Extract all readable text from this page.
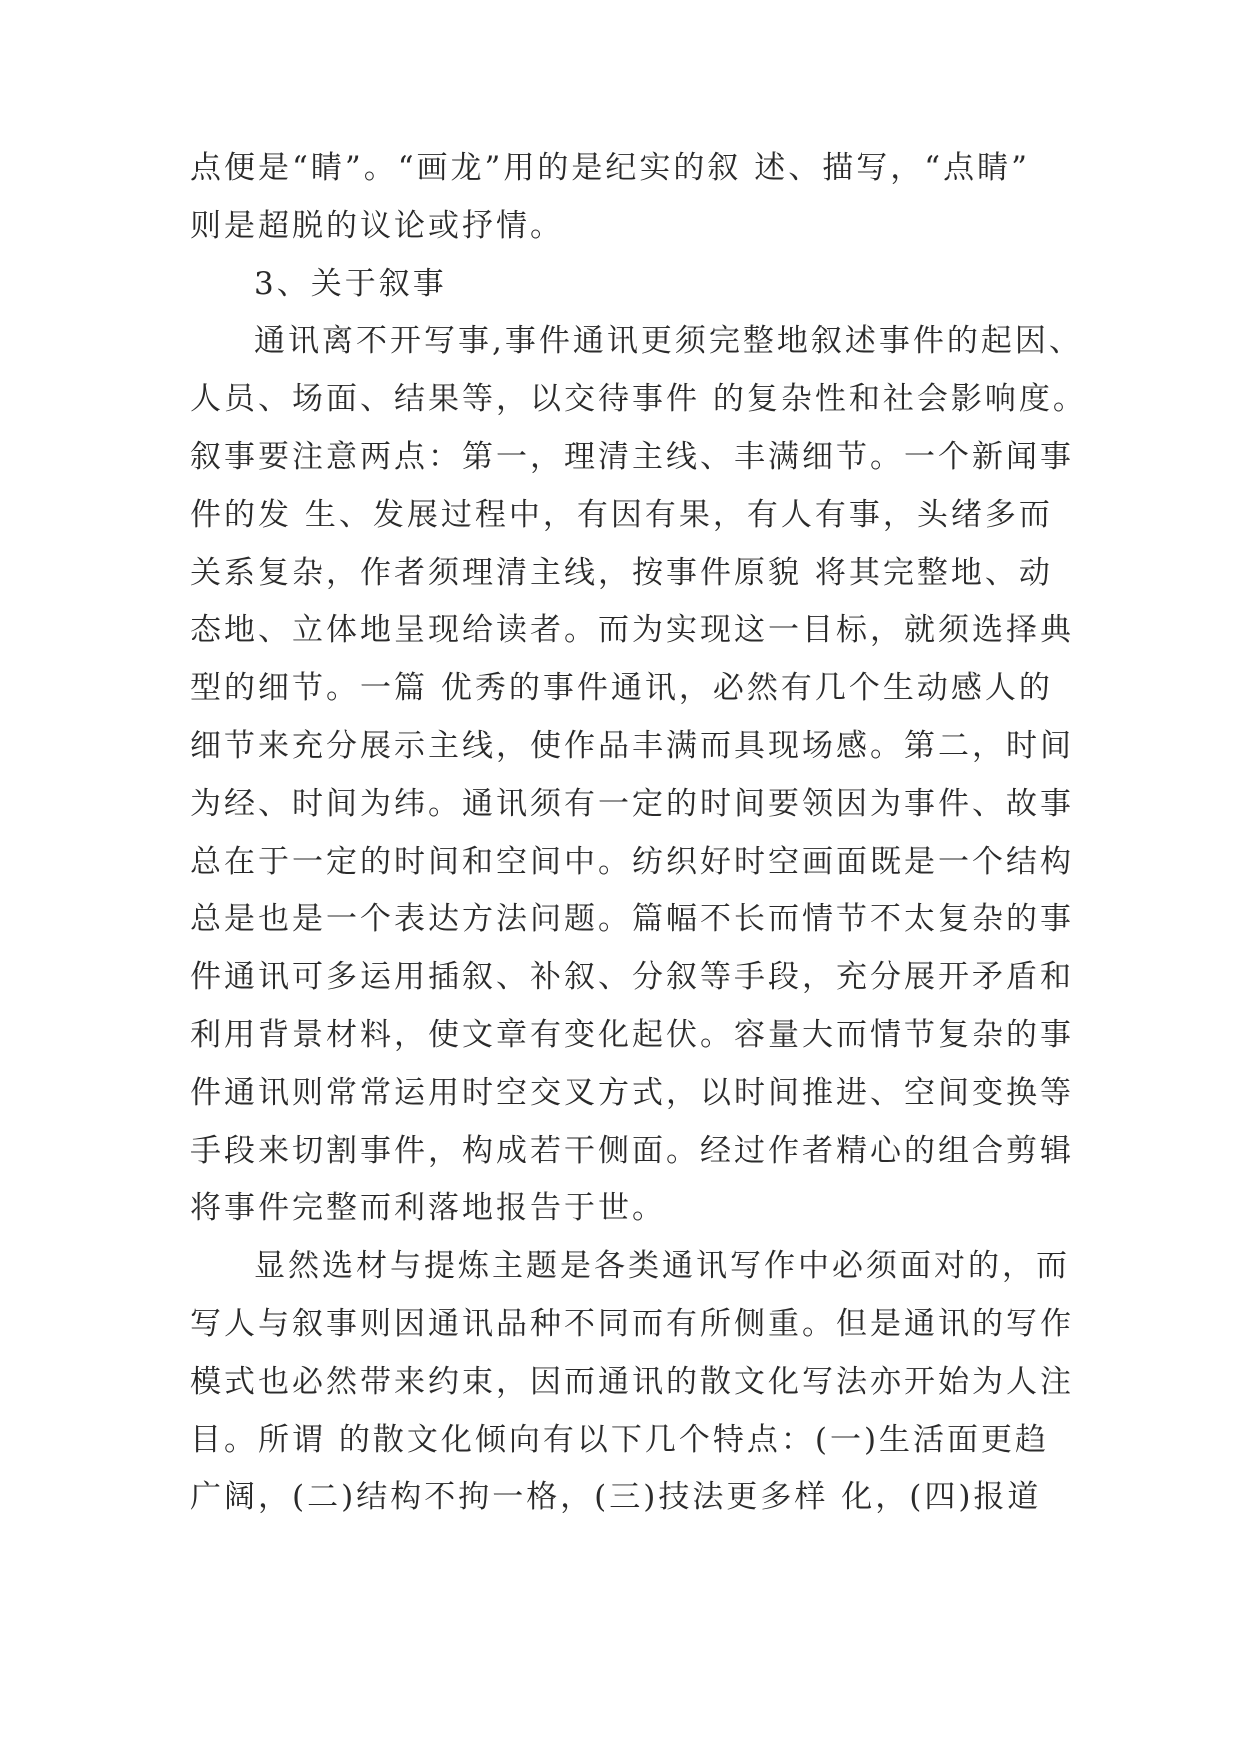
点便是“睛”。“画龙”用的是纪实的叙 述、描写，“点睛”
则是超脱的议论或抒情。
3、关于叙事
通讯离不开写事,事件通讯更须完整地叙述事件的起因、
人员、场面、结果等，以交待事件 的复杂性和社会影响度。
叙事要注意两点：第一，理清主线、丰满细节。一个新闻事
件的发 生、发展过程中，有因有果，有人有事，头绪多而
关系复杂，作者须理清主线，按事件原貌 将其完整地、动
态地、立体地呈现给读者。而为实现这一目标，就须选择典
型的细节。一篇 优秀的事件通讯，必然有几个生动感人的
细节来充分展示主线，使作品丰满而具现场感。第二，时间
为经、时间为纬。通讯须有一定的时间要领因为事件、故事
总在于一定的时间和空间中。纺织好时空画面既是一个结构
总是也是一个表达方法问题。篇幅不长而情节不太复杂的事
件通讯可多运用插叙、补叙、分叙等手段，充分展开矛盾和
利用背景材料，使文章有变化起伏。容量大而情节复杂的事
件通讯则常常运用时空交叉方式，以时间推进、空间变换等
手段来切割事件，构成若干侧面。经过作者精心的组合剪辑
将事件完整而利落地报告于世。
显然选材与提炼主题是各类通讯写作中必须面对的，而
写人与叙事则因通讯品种不同而有所侧重。但是通讯的写作
模式也必然带来约束，因而通讯的散文化写法亦开始为人注
目。所谓 的散文化倾向有以下几个特点：(一)生活面更趋
广阔，(二)结构不拘一格，(三)技法更多样 化，(四)报道
